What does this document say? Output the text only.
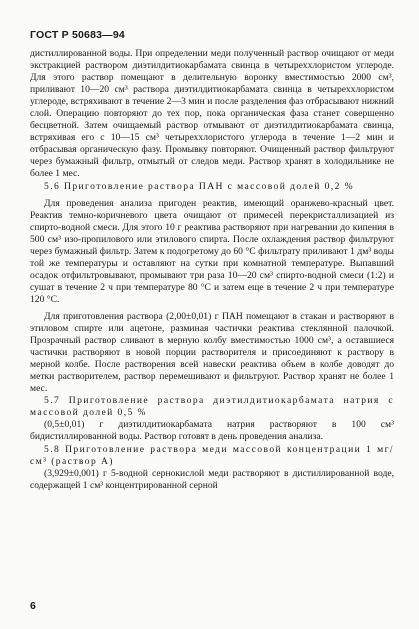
ГОСТ Р 50683—94

дистиллированной воды. При определении меди полученный раствор очищают от меди экстракцией раствором диэтилдитиокарбамата свинца в четыреххлористом углероде. Для этого раствор помещают в делительную воронку вместимостью 2000 см³, приливают 10—20 см³ раствора диэтилдитиокарбамата свинца в четыреххлористом углероде, встряхивают в течение 2—3 мин и после разделения фаз отбрасывают нижний слой. Операцию повторяют до тех пор, пока органическая фаза станет совершенно бесцветной. Затем очищаемый раствор отмывают от диэтилдитиокарбамата свинца, встряхивая его с 10—15 см³ четыреххлористого углерода в течение 1—2 мин и отбрасывая органическую фазу. Промывку повторяют. Очищенный раствор фильтруют через бумажный фильтр, отмытый от следов меди. Раствор хранят в холодильнике не более 1 мес.

5.6 Приготовление раствора ПАН с массовой долей 0,2 %

Для проведения анализа пригоден реактив, имеющий оранжево-красный цвет. Реактив темно-коричневого цвета очищают от примесей перекристаллизацией из спирто-водной смеси. Для этого 10 г реактива растворяют при нагревании до кипения в 500 см³ изо-пропилового или этилового спирта. После охлаждения раствор фильтруют через бумажный фильтр. Затем к подогретому до 60 °С фильтрату приливают 1 дм³ воды той же температуры и оставляют на сутки при комнатной температуре. Выпавший осадок отфильтровывают, промывают три раза 10—20 см³ спирто-водной смеси (1:2) и сушат в течение 2 ч при температуре 80 °С и затем еще в течение 2 ч при температуре 120 °С.

Для приготовления раствора (2,00±0,01) г ПАН помещают в стакан и растворяют в этиловом спирте или ацетоне, разминая частички реактива стеклянной палочкой. Прозрачный раствор сливают в мерную колбу вместимостью 1000 см³, а оставшиеся частички растворяют в новой порции растворителя и присоединяют к раствору в мерной колбе. После растворения всей навески реактива объем в колбе доводят до метки растворителем, раствор перемешивают и фильтруют. Раствор хранят не более 1 мес.

5.7 Приготовление раствора диэтилдитиокарбамата натрия с массовой долей 0,5 %

(0,5±0,01) г диэтилдитиокарбамата натрия растворяют в 100 см³ бидистиллированной воды. Раствор готовят в день проведения анализа.

5.8 Приготовление раствора меди массовой концентрации 1 мг/см³ (раствор А)

(3,929±0,001) г 5-водной сернокислой меди растворяют в дистиллированной воде, содержащей 1 см³ концентрированной серной

6
